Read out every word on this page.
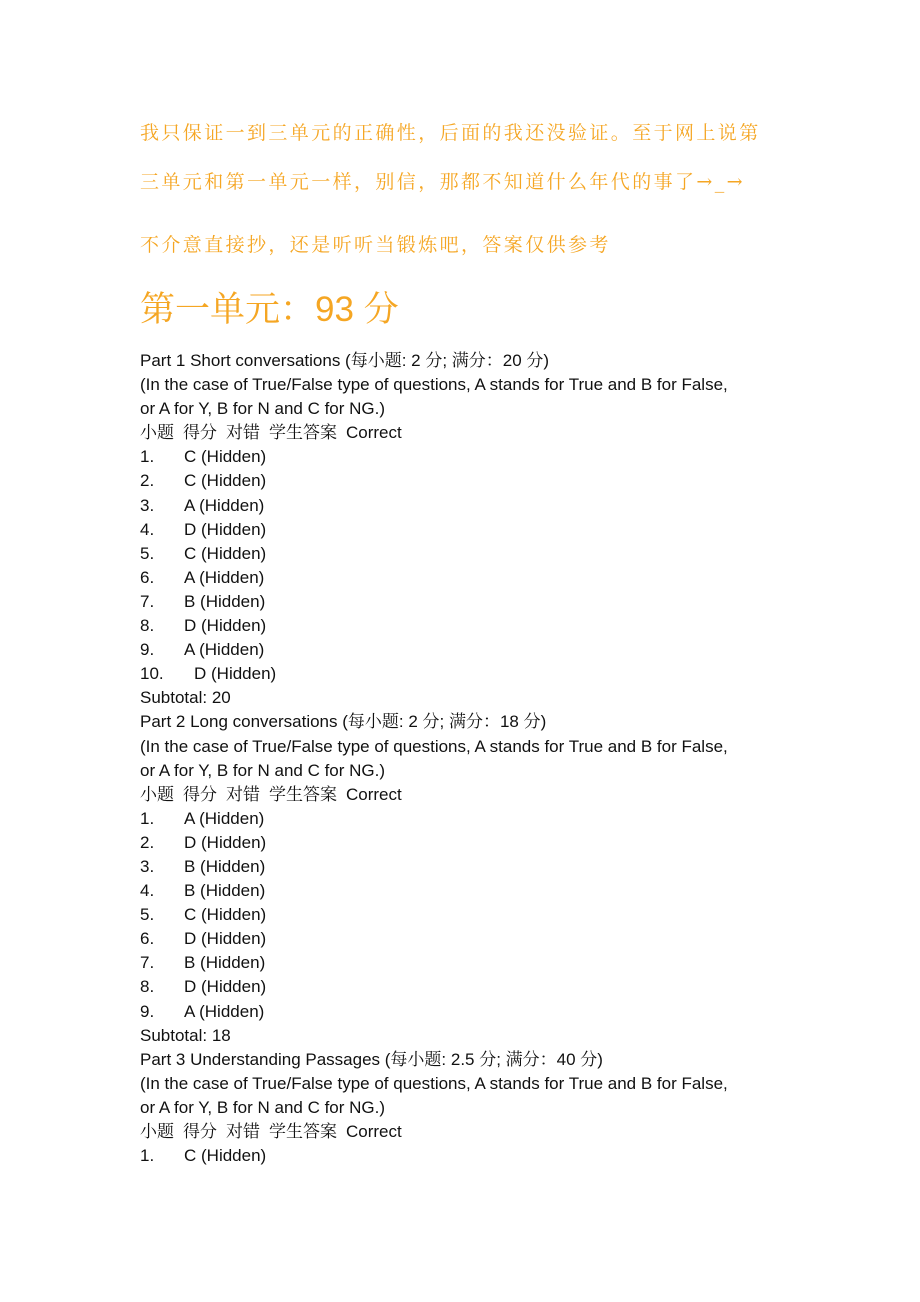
我只保证一到三单元的正确性，后面的我还没验证。至于网上说第
三单元和第一单元一样，别信，那都不知道什么年代的事了→_→
不介意直接抄，还是听听当锻炼吧，答案仅供参考
第一单元：93 分
Part 1 Short conversations (每小题: 2 分; 满分：20 分)
(In the case of True/False type of questions, A stands for True and B for False,
or A for Y, B for N and C for NG.)
小题 得分 对错 学生答案 Correct
1.	C (Hidden)
2.	C (Hidden)
3.	A (Hidden)
4.	D (Hidden)
5.	C (Hidden)
6.	A (Hidden)
7.	B (Hidden)
8.	D (Hidden)
9.	A (Hidden)
10.	D (Hidden)
Subtotal: 20
Part 2 Long conversations (每小题: 2 分; 满分：18 分)
(In the case of True/False type of questions, A stands for True and B for False,
or A for Y, B for N and C for NG.)
小题 得分 对错 学生答案 Correct
1.	A (Hidden)
2.	D (Hidden)
3.	B (Hidden)
4.	B (Hidden)
5.	C (Hidden)
6.	D (Hidden)
7.	B (Hidden)
8.	D (Hidden)
9.	A (Hidden)
Subtotal: 18
Part 3 Understanding Passages (每小题: 2.5 分; 满分：40 分)
(In the case of True/False type of questions, A stands for True and B for False,
or A for Y, B for N and C for NG.)
小题 得分 对错 学生答案 Correct
1.	C (Hidden)
